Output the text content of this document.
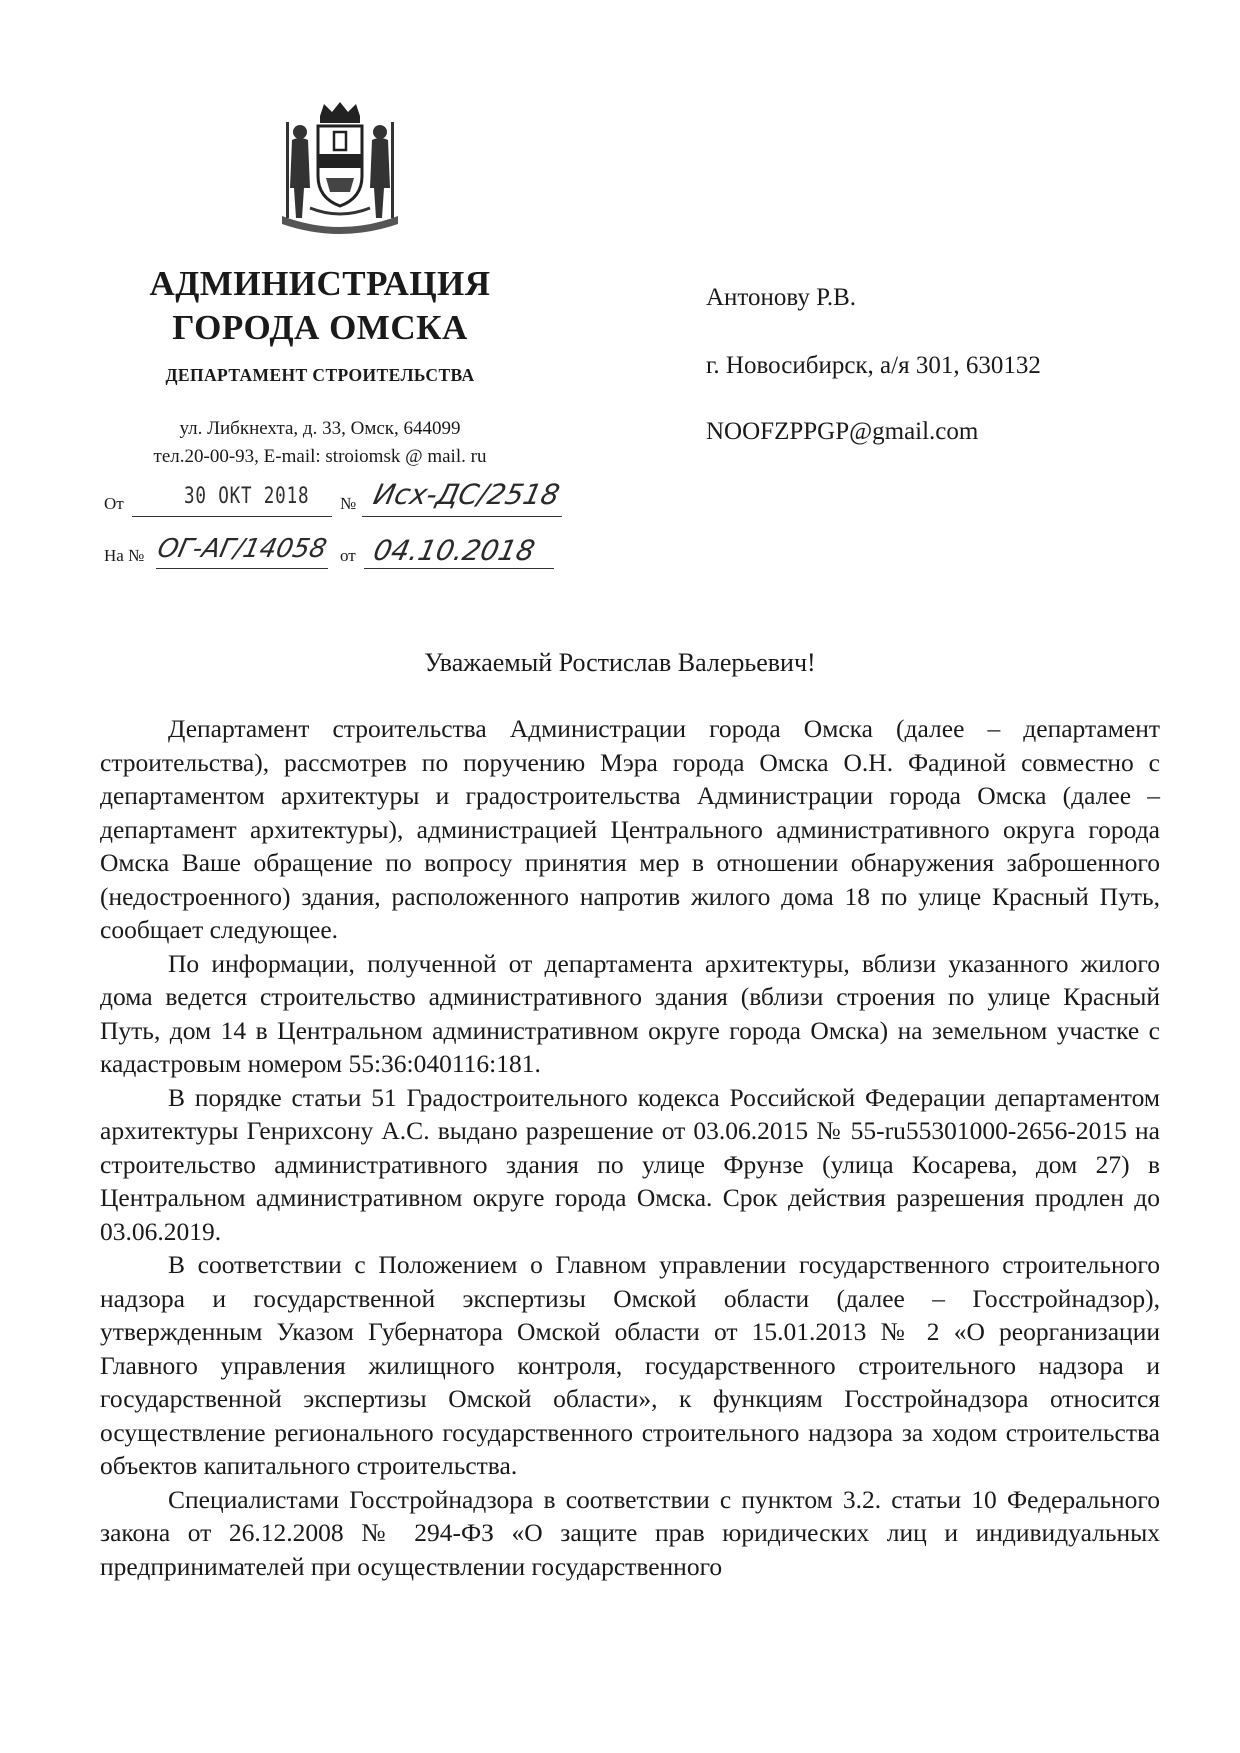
АДМИНИСТРАЦИЯ
ГОРОДА ОМСКА
ДЕПАРТАМЕНТ СТРОИТЕЛЬСТВА
ул. Либкнехта, д. 33, Омск, 644099
тел.20-00-93, E-mail: stroiomsk @ mail. ru
От	30 ОКТ 2018 № Исх-ДС/2518
На № ОГ-АГ/14058 от 04.10.2018
Антонову Р.В.
г. Новосибирск, а/я 301, 630132
NOOFZPPGP@gmail.com
Уважаемый Ростислав Валерьевич!

Департамент строительства Администрации города Омска (далее – департамент строительства), рассмотрев по поручению Мэра города Омска О.Н. Фадиной совместно с департаментом архитектуры и градостроительства Администрации города Омска (далее – департамент архитектуры), администрацией Центрального административного округа города Омска Ваше обращение по вопросу принятия мер в отношении обнаружения заброшенного (недостроенного) здания, расположенного напротив жилого дома 18 по улице Красный Путь, сообщает следующее.

По информации, полученной от департамента архитектуры, вблизи указанного жилого дома ведется строительство административного здания (вблизи строения по улице Красный Путь, дом 14 в Центральном административном округе города Омска) на земельном участке с кадастровым номером 55:36:040116:181.

В порядке статьи 51 Градостроительного кодекса Российской Федерации департаментом архитектуры Генрихсону А.С. выдано разрешение от 03.06.2015 № 55-ru55301000-2656-2015 на строительство административного здания по улице Фрунзе (улица Косарева, дом 27) в Центральном административном округе города Омска. Срок действия разрешения продлен до 03.06.2019.

В соответствии с Положением о Главном управлении государственного строительного надзора и государственной экспертизы Омской области (далее – Госстройнадзор), утвержденным Указом Губернатора Омской области от 15.01.2013 № 2 «О реорганизации Главного управления жилищного контроля, государственного строительного надзора и государственной экспертизы Омской области», к функциям Госстройнадзора относится осуществление регионального государственного строительного надзора за ходом строительства объектов капитального строительства.

Специалистами Госстройнадзора в соответствии с пунктом 3.2. статьи 10 Федерального закона от 26.12.2008 № 294-ФЗ «О защите прав юридических лиц и индивидуальных предпринимателей при осуществлении государственного
